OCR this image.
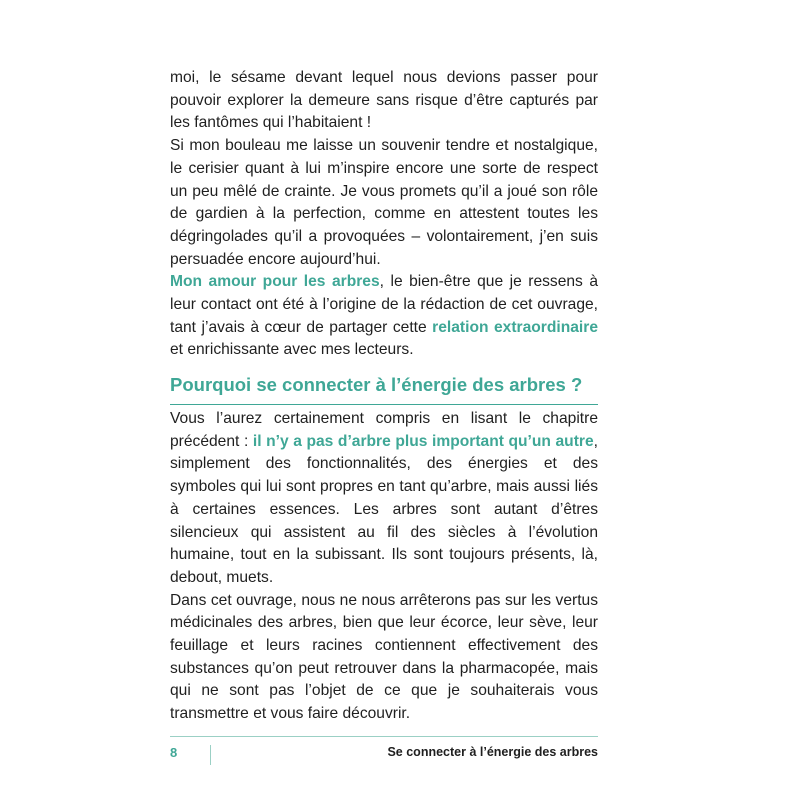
moi, le sésame devant lequel nous devions passer pour pouvoir explorer la demeure sans risque d’être capturés par les fantômes qui l’habitaient !

Si mon bouleau me laisse un souvenir tendre et nostalgique, le cerisier quant à lui m’inspire encore une sorte de respect un peu mêlé de crainte. Je vous promets qu’il a joué son rôle de gardien à la perfection, comme en attestent toutes les dégringolades qu’il a provoquées – volontairement, j’en suis persuadée encore aujourd’hui.

Mon amour pour les arbres, le bien-être que je ressens à leur contact ont été à l’origine de la rédaction de cet ouvrage, tant j’avais à cœur de partager cette relation extraordinaire et enrichissante avec mes lecteurs.

Pourquoi se connecter à l’énergie des arbres ?

Vous l’aurez certainement compris en lisant le chapitre précédent : il n’y a pas d’arbre plus important qu’un autre, simplement des fonctionnalités, des énergies et des symboles qui lui sont propres en tant qu’arbre, mais aussi liés à certaines essences. Les arbres sont autant d’êtres silencieux qui assistent au fil des siècles à l’évolution humaine, tout en la subissant. Ils sont toujours présents, là, debout, muets.

Dans cet ouvrage, nous ne nous arrêterons pas sur les vertus médicinales des arbres, bien que leur écorce, leur sève, leur feuillage et leurs racines contiennent effectivement des substances qu’on peut retrouver dans la pharmacopée, mais qui ne sont pas l’objet de ce que je souhaiterais vous transmettre et vous faire découvrir.

8	Se connecter à l’énergie des arbres
